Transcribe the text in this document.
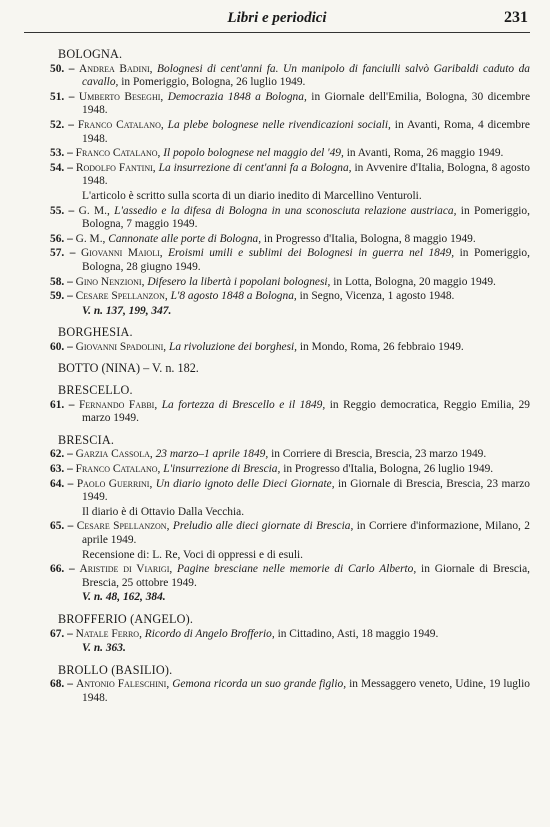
Libri e periodici	231
BOLOGNA.
50. – Andrea Badini, Bolognesi di cent'anni fa. Un manipolo di fanciulli salvò Garibaldi caduto da cavallo, in Pomeriggio, Bologna, 26 luglio 1949.
51. – Umberto Beseghi, Democrazia 1848 a Bologna, in Giornale dell'Emilia, Bologna, 30 dicembre 1948.
52. – Franco Catalano, La plebe bolognese nelle rivendicazioni sociali, in Avanti, Roma, 4 dicembre 1948.
53. – Franco Catalano, Il popolo bolognese nel maggio del '49, in Avanti, Roma, 26 maggio 1949.
54. – Rodolfo Fantini, La insurrezione di cent'anni fa a Bologna, in Avvenire d'Italia, Bologna, 8 agosto 1948.
L'articolo è scritto sulla scorta di un diario inedito di Marcellino Venturoli.
55. – G. M., L'assedio e la difesa di Bologna in una sconosciuta relazione austriaca, in Pomeriggio, Bologna, 7 maggio 1949.
56. – G. M., Cannonate alle porte di Bologna, in Progresso d'Italia, Bologna, 8 maggio 1949.
57. – Giovanni Maioli, Eroismi umili e sublimi dei Bolognesi in guerra nel 1849, in Pomeriggio, Bologna, 28 giugno 1949.
58. – Gino Nenzioni, Difesero la libertà i popolani bolognesi, in Lotta, Bologna, 20 maggio 1949.
59. – Cesare Spellanzon, L'8 agosto 1848 a Bologna, in Segno, Vicenza, 1 agosto 1948.
V. n. 137, 199, 347.
BORGHESIA.
60. – Giovanni Spadolini, La rivoluzione dei borghesi, in Mondo, Roma, 26 febbraio 1949.
BOTTO (NINA) – V. n. 182.
BRESCELLO.
61. – Fernando Fabbi, La fortezza di Brescello e il 1849, in Reggio democratica, Reggio Emilia, 29 marzo 1949.
BRESCIA.
62. – Garzia Cassola, 23 marzo–1 aprile 1849, in Corriere di Brescia, Brescia, 23 marzo 1949.
63. – Franco Catalano, L'insurrezione di Brescia, in Progresso d'Italia, Bologna, 26 luglio 1949.
64. – Paolo Guerrini, Un diario ignoto delle Dieci Giornate, in Giornale di Brescia, Brescia, 23 marzo 1949.
Il diario è di Ottavio Dalla Vecchia.
65. – Cesare Spellanzon, Preludio alle dieci giornate di Brescia, in Corriere d'informazione, Milano, 2 aprile 1949.
Recensione di: L. Re, Voci di oppressi e di esuli.
66. – Aristide di Viarigi, Pagine bresciane nelle memorie di Carlo Alberto, in Giornale di Brescia, Brescia, 25 ottobre 1949.
V. n. 48, 162, 384.
BROFFERIO (ANGELO).
67. – Natale Ferro, Ricordo di Angelo Brofferio, in Cittadino, Asti, 18 maggio 1949.
V. n. 363.
BROLLO (BASILIO).
68. – Antonio Faleschini, Gemona ricorda un suo grande figlio, in Messaggero veneto, Udine, 19 luglio 1948.
